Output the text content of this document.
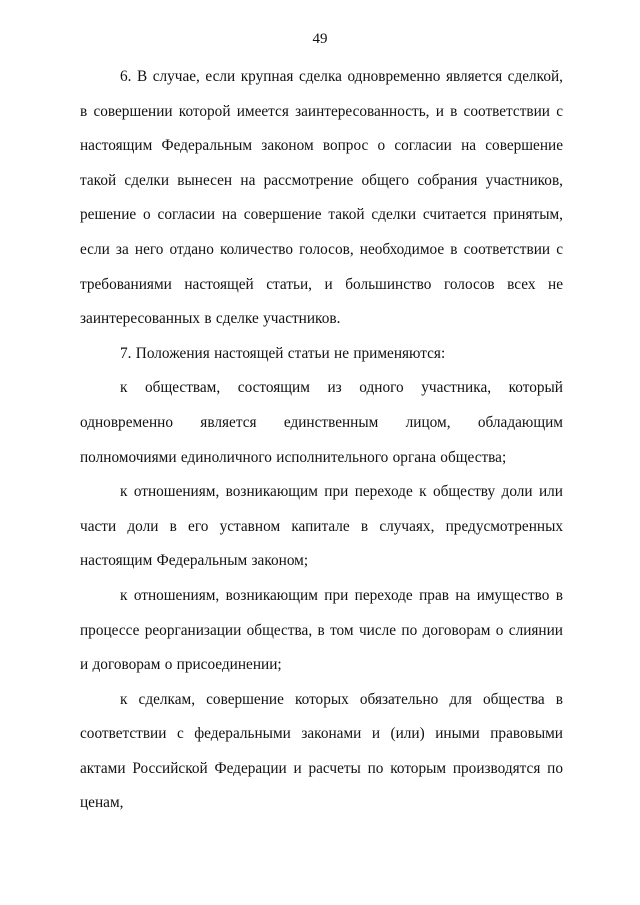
49

6. В случае, если крупная сделка одновременно является сделкой, в совершении которой имеется заинтересованность, и в соответствии с настоящим Федеральным законом вопрос о согласии на совершение такой сделки вынесен на рассмотрение общего собрания участников, решение о согласии на совершение такой сделки считается принятым, если за него отдано количество голосов, необходимое в соответствии с требованиями настоящей статьи, и большинство голосов всех не заинтересованных в сделке участников.

7. Положения настоящей статьи не применяются:

к обществам, состоящим из одного участника, который одновременно является единственным лицом, обладающим полномочиями единоличного исполнительного органа общества;

к отношениям, возникающим при переходе к обществу доли или части доли в его уставном капитале в случаях, предусмотренных настоящим Федеральным законом;

к отношениям, возникающим при переходе прав на имущество в процессе реорганизации общества, в том числе по договорам о слиянии и договорам о присоединении;

к сделкам, совершение которых обязательно для общества в соответствии с федеральными законами и (или) иными правовыми актами Российской Федерации и расчеты по которым производятся по ценам,
